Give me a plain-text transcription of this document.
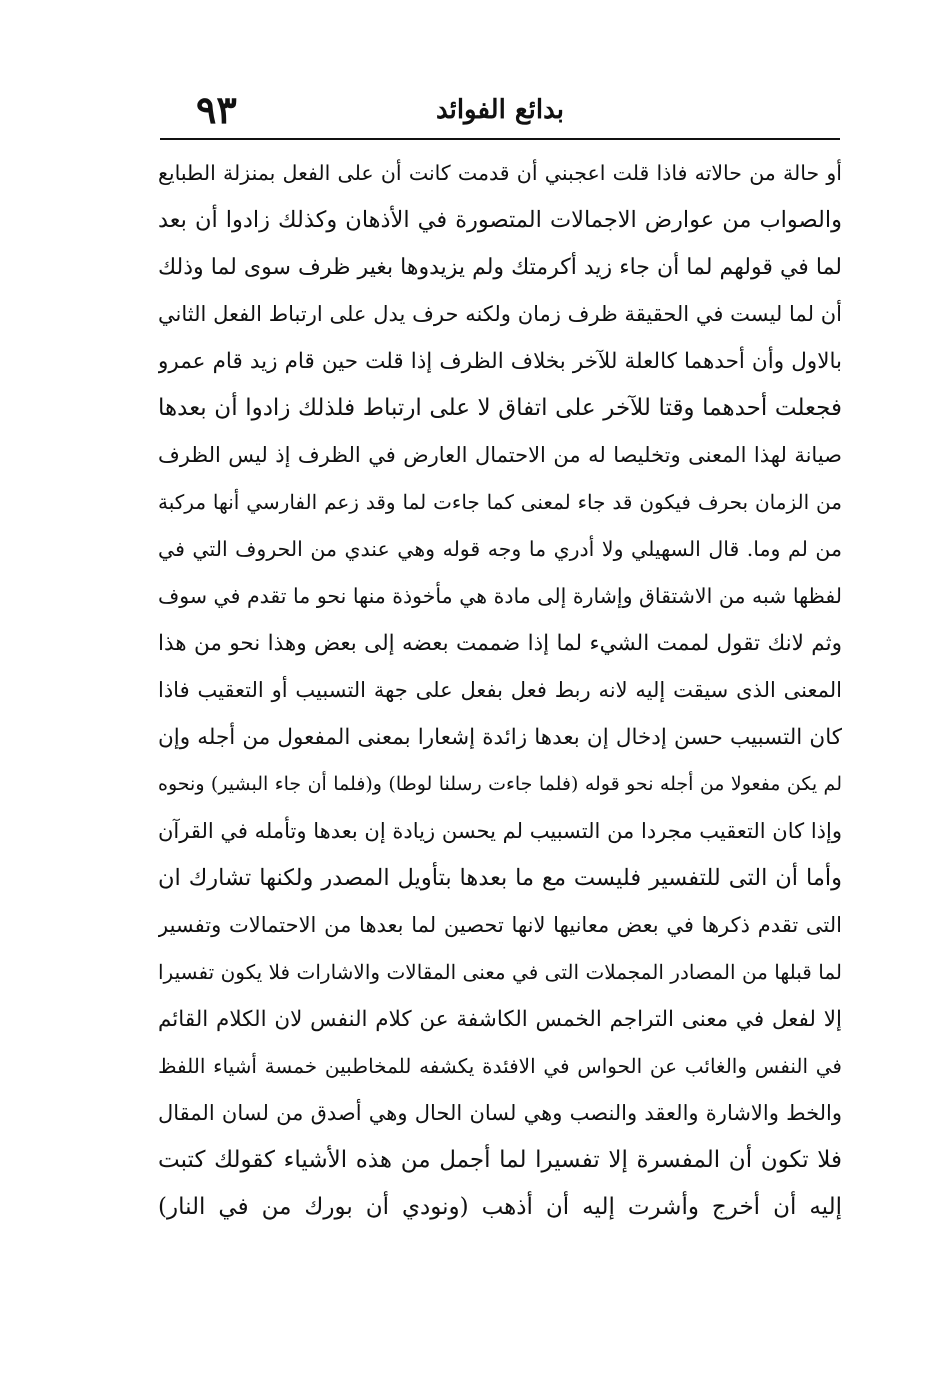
٩٣	بدائع الفوائد
أو حالة من حالاته فاذا قلت اعجبني أن قدمت كانت أن على الفعل بمنزلة الطبايع
والصواب من عوارض الاجمالات المتصورة في الأذهان وكذلك زادوا أن بعد
لما في قولهم لما أن جاء زيد أكرمتك ولم يزيدوها بغير ظرف سوى لما وذلك
أن لما ليست في الحقيقة ظرف زمان ولكنه حرف يدل على ارتباط الفعل الثاني
بالاول وأن أحدهما كالعلة للآخر بخلاف الظرف إذا قلت حين قام زيد قام عمرو
فجعلت أحدهما وقتا للآخر على اتفاق لا على ارتباط فلذلك زادوا أن بعدها
صيانة لهذا المعنى وتخليصا له من الاحتمال العارض في الظرف إذ ليس الظرف
من الزمان بحرف فيكون قد جاء لمعنى كما جاءت لما وقد زعم الفارسي أنها مركبة
من لم وما. قال السهيلي ولا أدري ما وجه قوله وهي عندي من الحروف التي في
لفظها شبه من الاشتقاق وإشارة إلى مادة هي مأخوذة منها نحو ما تقدم في سوف
وثم لانك تقول لممت الشيء لما إذا ضممت بعضه إلى بعض وهذا نحو من هذا
المعنى الذى سيقت إليه لانه ربط فعل بفعل على جهة التسبيب أو التعقيب فاذا
كان التسبيب حسن إدخال إن بعدها زائدة إشعارا بمعنى المفعول من أجله وإن
لم يكن مفعولا من أجله نحو قوله (فلما جاءت رسلنا لوطا) و(فلما أن جاء البشير) ونحوه
وإذا كان التعقيب مجردا من التسبيب لم يحسن زيادة إن بعدها وتأمله في القرآن
وأما أن التى للتفسير فليست مع ما بعدها بتأويل المصدر ولكنها تشارك ان
التى تقدم ذكرها في بعض معانيها لانها تحصين لما بعدها من الاحتمالات وتفسير
لما قبلها من المصادر المجملات التى في معنى المقالات والاشارات فلا يكون تفسيرا
إلا لفعل في معنى التراجم الخمس الكاشفة عن كلام النفس لان الكلام القائم
في النفس والغائب عن الحواس في الافئدة يكشفه للمخاطبين خمسة أشياء اللفظ
والخط والاشارة والعقد والنصب وهي لسان الحال وهي أصدق من لسان المقال
فلا تكون أن المفسرة إلا تفسيرا لما أجمل من هذه الأشياء كقولك كتبت
إليه أن أخرج وأشرت إليه أن أذهب (ونودي أن بورك من في النار)
